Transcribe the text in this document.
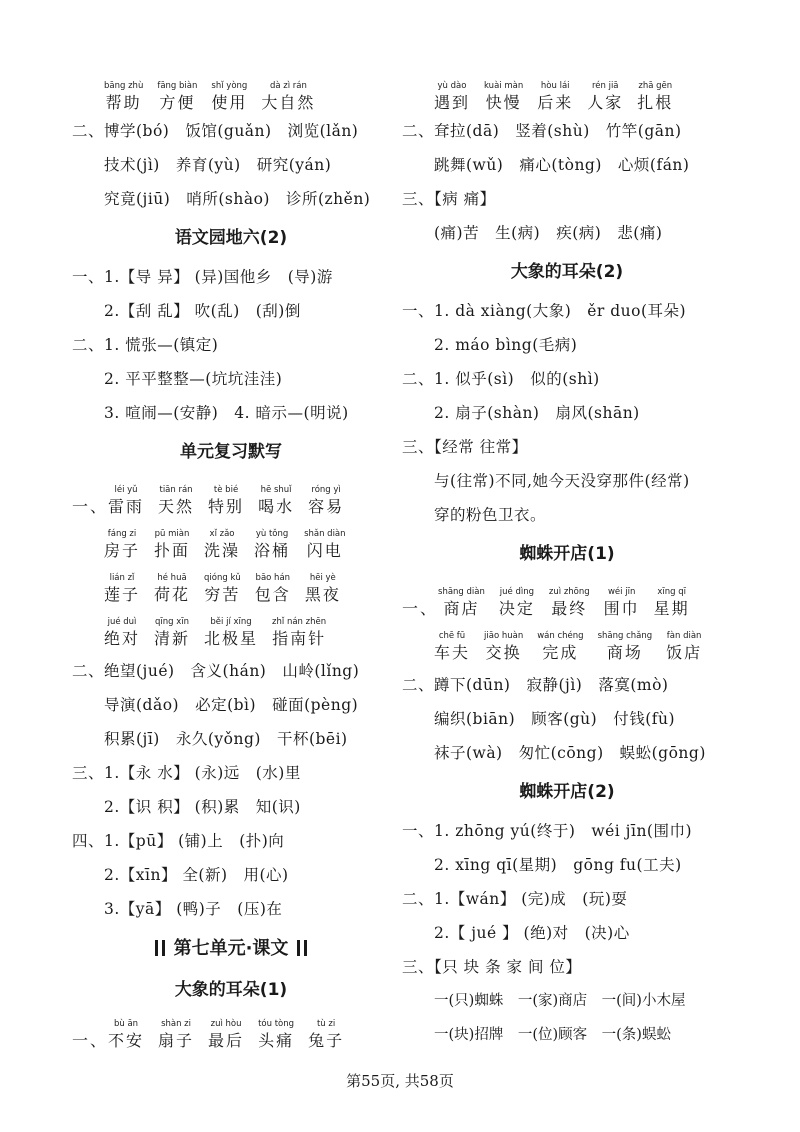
bāng zhù
帮助
fāng biàn
方便
shǐ yòng
使用
dà zì rán
大自然
二、博学(bó)　饭馆(guǎn)　浏览(lǎn)
技术(jì)　养育(yù)　研究(yán)
究竟(jiū)　哨所(shào)　诊所(zhěn)
语文园地六(2)
一、1.【导 异】 (异)国他乡　(导)游
2.【刮 乱】 吹(乱)　(刮)倒
二、1. 慌张—(镇定)
2. 平平整整—(坑坑洼洼)
3. 喧闹—(安静)　4. 暗示—(明说)
单元复习默写
一、
léi yǔ
雷雨
tiān rán
天然
tè bié
特别
hē shuǐ
喝水
róng yì
容易
fáng zi
房子
pū miàn
扑面
xǐ zǎo
洗澡
yù tǒng
浴桶
shǎn diàn
闪电
lián zǐ
莲子
hé huā
荷花
qióng kǔ
穷苦
bāo hán
包含
hēi yè
黑夜
jué duì
绝对
qīng xīn
清新
běi jí xīng
北极星
zhǐ nán zhēn
指南针
二、绝望(jué)　含义(hán)　山岭(lǐng)
导演(dǎo)　必定(bì)　碰面(pèng)
积累(jī)　永久(yǒng)　干杯(bēi)
三、1.【永 水】 (永)远　(水)里
2.【识 积】 (积)累　知(识)
四、1.【pū】 (铺)上　(扑)向
2.【xīn】 全(新)　用(心)
3.【yā】 (鸭)子　(压)在
第七单元·课文
大象的耳朵(1)
一、
bù ān
不安
shàn zi
扇子
zuì hòu
最后
tóu tòng
头痛
tù zi
兔子
yù dào
遇到
kuài màn
快慢
hòu lái
后来
rén jiā
人家
zhā gēn
扎根
二、耷拉(dā)　竖着(shù)　竹竿(gān)
跳舞(wǔ)　痛心(tòng)　心烦(fán)
三、【病 痛】
(痛)苦　生(病)　疾(病)　悲(痛)
大象的耳朵(2)
一、1. dà xiàng(大象)　ěr duo(耳朵)
2. máo bìng(毛病)
二、1. 似乎(sì)　似的(shì)
2. 扇子(shàn)　扇风(shān)
三、【经常 往常】
与(往常)不同,她今天没穿那件(经常)
穿的粉色卫衣。
蜘蛛开店(1)
一、
shāng diàn
商店
jué dìng
决定
zuì zhōng
最终
wéi jīn
围巾
xīng qī
星期
chē fū
车夫
jiāo huàn
交换
wán chéng
完成
shāng chǎng
商场
fàn diàn
饭店
二、蹲下(dūn)　寂静(jì)　落寞(mò)
编织(biān)　顾客(gù)　付钱(fù)
袜子(wà)　匆忙(cōng)　蜈蚣(gōng)
蜘蛛开店(2)
一、1. zhōng yú(终于)　wéi jīn(围巾)
2. xīng qī(星期)　gōng fu(工夫)
二、1.【wán】 (完)成　(玩)耍
2.【 jué 】 (绝)对　(决)心
三、【只 块 条 家 间 位】
一(只)蜘蛛　一(家)商店　一(间)小木屋
一(块)招牌　一(位)顾客　一(条)蜈蚣
第55页, 共58页
